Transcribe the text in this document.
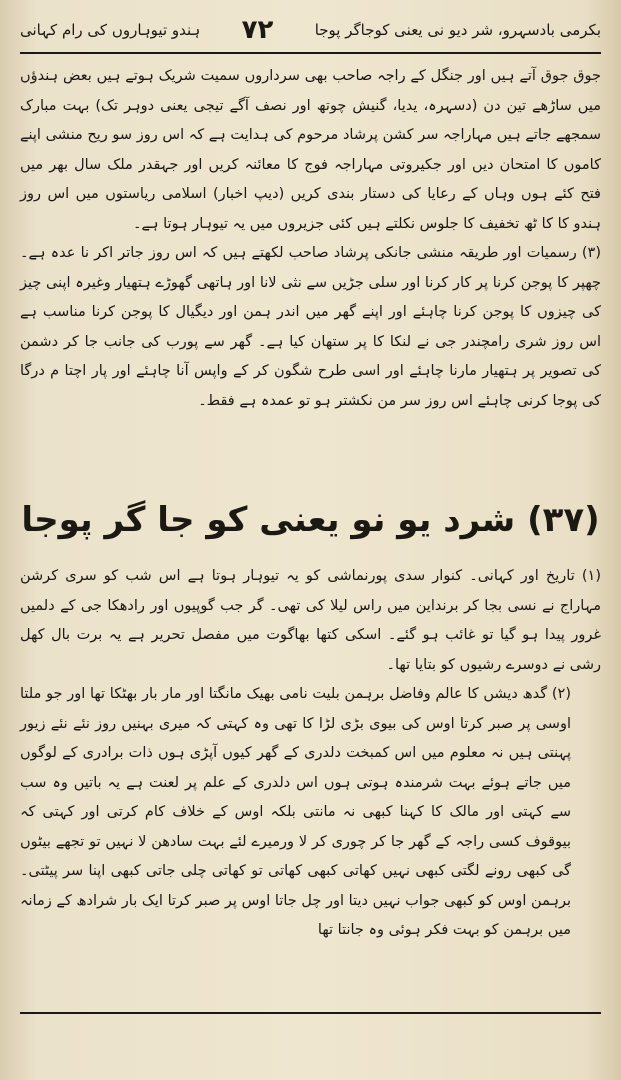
ہندو تیوہاروں کی رام کہانی ۷۲	بکرمی بادسہرو، شر دیو نی یعنی کوجاگر پوجا

جوق جوق آتے ہیں اور جنگل کے راجہ صاحب بھی سرداروں سمیت شریک ہوتے ہیں بعض ہندؤں میں ساڑھے تین دن (دسہرہ، یدیا، گنیش چوتھ اور نصف آگے تیجی یعنی دوہر تک) بہت مبارک سمجھے جاتے ہیں مہاراجہ سر کشن پرشاد مرحوم کی ہدایت ہے کہ اس روز سو ریح منشی اپنے کاموں کا امتحان دیں اور جکیروتی مہاراجہ فوج کا معائنہ کریں اور جہقدر ملک سال بھر میں فتح کئے ہوں وہاں کے رعایا کی دستار بندی کریں (دیپ اخبار) اسلامی ریاستوں میں اس روز ہندو کا کا ٹھ تخفیف کا جلوس نکلتے ہیں کئی جزیروں میں یہ تیوہار ہوتا ہے۔

(۳) رسمیات اور طریقہ منشی جانکی پرشاد صاحب لکھتے ہیں کہ اس روز جاتر اکر نا عدہ ہے۔ چھپر کا پوجن کرنا پر کار کرنا اور سلی جڑیں سے نثی لانا اور ہاتھی گھوڑے ہتھیار وغیرہ اپنی چیز کی چیزوں کا پوجن کرنا چاہئے اور اپنے گھر میں اندر ہمن اور دیگیال کا پوجن کرنا مناسب ہے اس روز شری رامچندر جی نے لنکا کا پر ستھان کیا ہے۔ گھر سے پورب کی جانب جا کر دشمن کی تصویر پر ہتھیار مارنا چاہئے اور اسی طرح شگون کر کے واپس آنا چاہئے اور پار اچتا م درگا کی پوجا کرنی چاہئے اس روز سر من نکشتر ہو تو عمدہ ہے فقط۔

(۳۷) شرد یو نو یعنی کو جا گر پوجا

(۱) تاریخ اور کہانی۔ کنوار سدی پورنماشی کو یہ تیوہار ہوتا ہے اس شب کو سری کرشن مہاراج نے نسی بجا کر برنداین میں راس لیلا کی تھی۔ گر جب گوپیوں اور رادھکا جی کے دلمیں غرور پیدا ہو گیا تو غائب ہو گئے۔ اسکی کتھا بھاگوت میں مفصل تحریر ہے یہ برت بال کھل رشی نے دوسرے رشیوں کو بتایا تھا۔

(۲) گدھ دیشں کا عالم وفاضل برہمن بلیت نامی بھیک مانگتا اور مار بار بھٹکا تھا اور جو ملتا اوسی پر صبر کرتا اوس کی بیوی بڑی لڑا کا تھی وہ کہتی کہ میری بہنیں روز نئے نئے زیور پہنتی ہیں نہ معلوم میں اس کمبخت دلدری کے گھر کیوں آپڑی ہوں ذات برادری کے لوگوں میں جاتے ہوئے بہت شرمندہ ہوتی ہوں اس دلدری کے علم پر لعنت ہے یہ باتیں وہ سب سے کہتی اور مالک کا کہنا کبھی نہ مانتی بلکہ اوس کے خلاف کام کرتی اور کہتی کہ بیوقوف کسی راجہ کے گھر جا کر چوری کر لا ورمیرے لئے بہت سادھن لا نہیں تو تجھے بیٹوں گی کبھی رونے لگتی کبھی نہیں کھاتی کبھی کھاتی تو کھاتی چلی جاتی کبھی اپنا سر پیٹتی۔ برہمن اوس کو کبھی جواب نہیں دیتا اور چل جاتا اوس پر صبر کرتا ایک بار شرادھ کے زمانہ میں برہمن کو بہت فکر ہوئی وہ جانتا تھا
